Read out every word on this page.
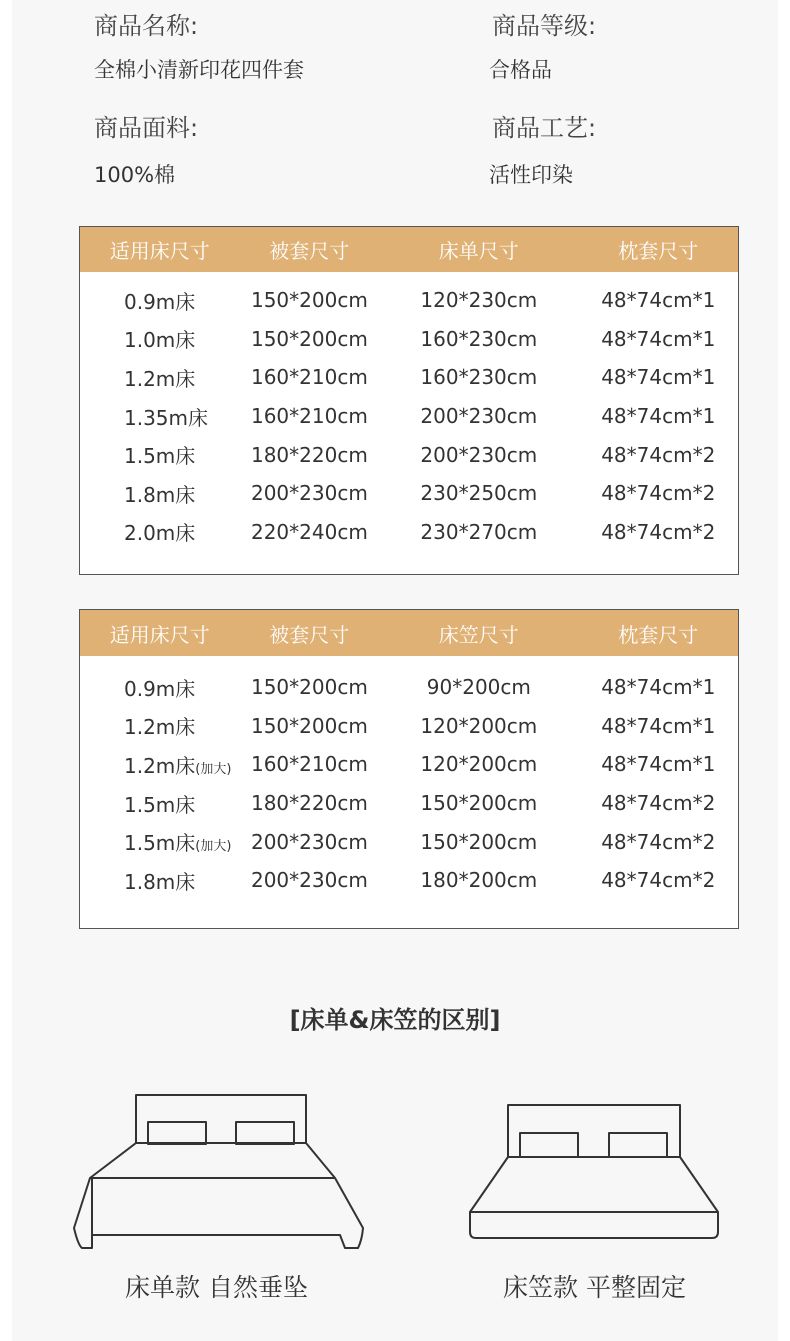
商品名称:	商品等级:
全棉小清新印花四件套	合格品
商品面料:	商品工艺:
100%棉	活性印染
适用床尺寸	被套尺寸	床单尺寸	枕套尺寸
0.9m床	150*200cm	120*230cm	48*74cm*1
1.0m床	150*200cm	160*230cm	48*74cm*1
1.2m床	160*210cm	160*230cm	48*74cm*1
1.35m床	160*210cm	200*230cm	48*74cm*1
1.5m床	180*220cm	200*230cm	48*74cm*2
1.8m床	200*230cm	230*250cm	48*74cm*2
2.0m床	220*240cm	230*270cm	48*74cm*2
适用床尺寸	被套尺寸	床笠尺寸	枕套尺寸
0.9m床	150*200cm	90*200cm	48*74cm*1
1.2m床	150*200cm	120*200cm	48*74cm*1
1.2m床(加大) 160*210cm	120*200cm	48*74cm*1
1.5m床	180*220cm	150*200cm	48*74cm*2
1.5m床(加大) 200*230cm	150*200cm	48*74cm*2
1.8m床	200*230cm	180*200cm	48*74cm*2
[床单&床笠的区别]
床单款 自然垂坠	床笠款 平整固定
